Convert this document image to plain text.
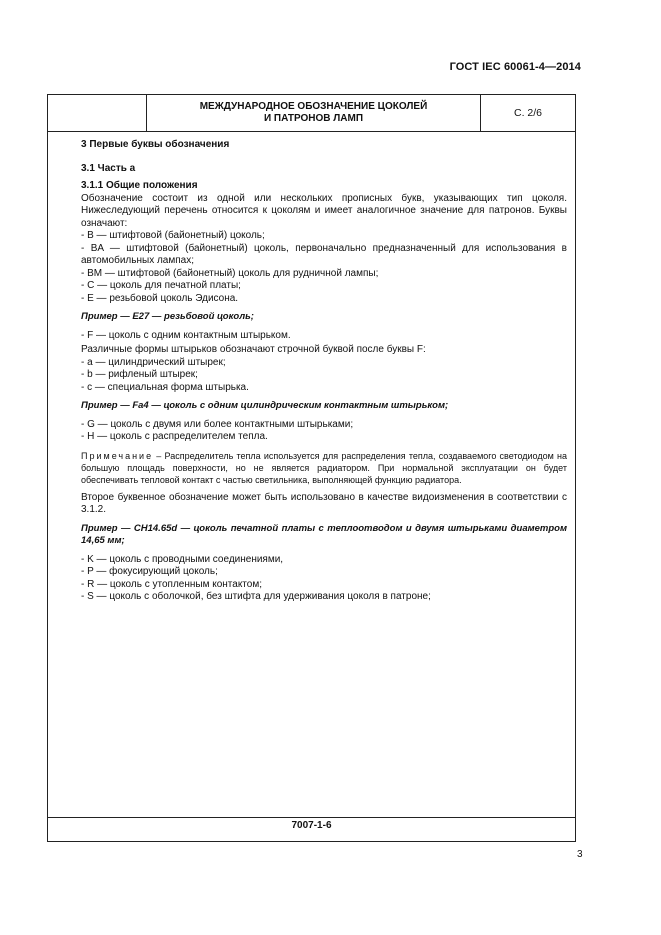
ГОСТ IEC 60061-4—2014
МЕЖДУНАРОДНОЕ ОБОЗНАЧЕНИЕ ЦОКОЛЕЙ
И ПАТРОНОВ ЛАМП	С. 2/6

3 Первые буквы обозначения

3.1 Часть a

3.1.1 Общие положения

Обозначение состоит из одной или нескольких прописных букв, указывающих тип цоколя. Нижеследующий перечень относится к цоколям и имеет аналогичное значение для патронов. Буквы означают:

- B — штифтовой (байонетный) цоколь;

- BA — штифтовой (байонетный) цоколь, первоначально предназначенный для использования в автомобильных лампах;

- BM — штифтовой (байонетный) цоколь для рудничной лампы;

- C — цоколь для печатной платы;

- E — резьбовой цоколь Эдисона.

Пример — E27 — резьбовой цоколь;

- F — цоколь с одним контактным штырьком.

Различные формы штырьков обозначают строчной буквой после буквы F:

- a — цилиндрический штырек;

- b — рифленый штырек;

- c — специальная форма штырька.

Пример — Fa4 — цоколь с одним цилиндрическим контактным штырьком;

- G — цоколь с двумя или более контактными штырьками;

- H — цоколь с распределителем тепла.

Примечание – Распределитель тепла используется для распределения тепла, создаваемого светодиодом на большую площадь поверхности, но не является радиатором. При нормальной эксплуатации он будет обеспечивать тепловой контакт с частью светильника, выполняющей функцию радиатора.

Второе буквенное обозначение может быть использовано в качестве видоизменения в соответствии с 3.1.2.

Пример — CH14.65d — цоколь печатной платы с теплоотводом и двумя штырьками диаметром 14,65 мм;

- K — цоколь с проводными соединениями,

- P — фокусирующий цоколь;

- R — цоколь с утопленным контактом;

- S — цоколь с оболочкой, без штифта для удерживания цоколя в патроне;

7007-1-6
3
